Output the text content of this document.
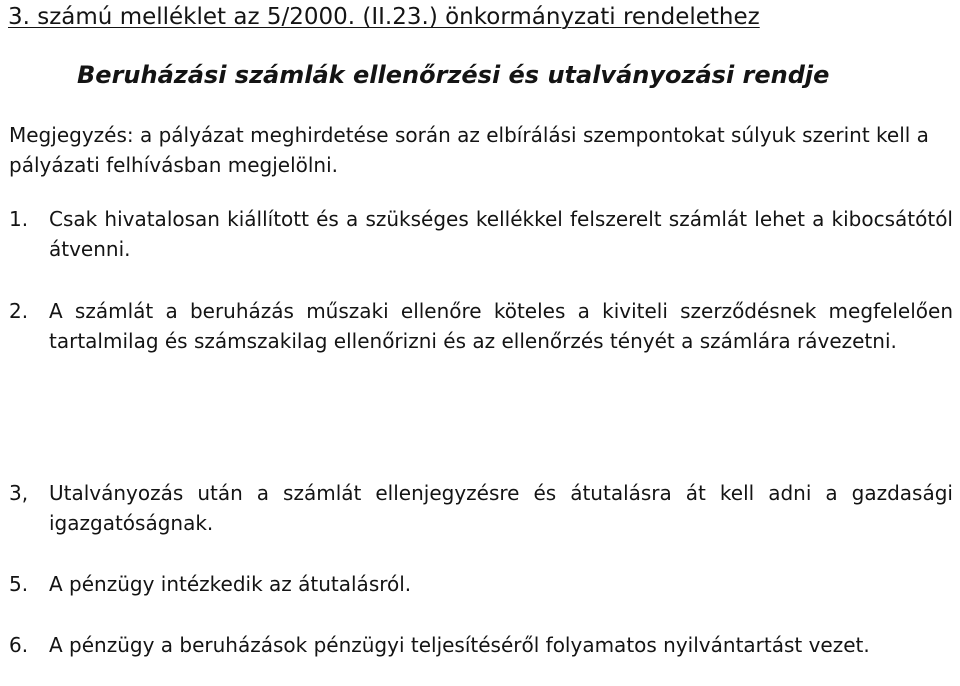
3. számú melléklet az 5/2000. (II.23.) önkormányzati rendelethez
Beruházási számlák ellenőrzési és utalványozási rendje
Megjegyzés: a pályázat meghirdetése során az elbírálási szempontokat súlyuk szerint kell a pályázati felhívásban megjelölni.
1. Csak hivatalosan kiállított és a szükséges kellékkel felszerelt számlát lehet a kibocsátótól átvenni.
2. A számlát a beruházás műszaki ellenőre köteles a kiviteli szerződésnek megfelelően tartalmilag és számszakilag ellenőrizni és az ellenőrzés tényét a számlára rávezetni.
3, Utalványozás után a számlát ellenjegyzésre és átutalásra át kell adni a gazdasági igazgatóságnak.
5. A pénzügy intézkedik az átutalásról.
6. A pénzügy a beruházások pénzügyi teljesítéséről folyamatos nyilvántartást vezet.
